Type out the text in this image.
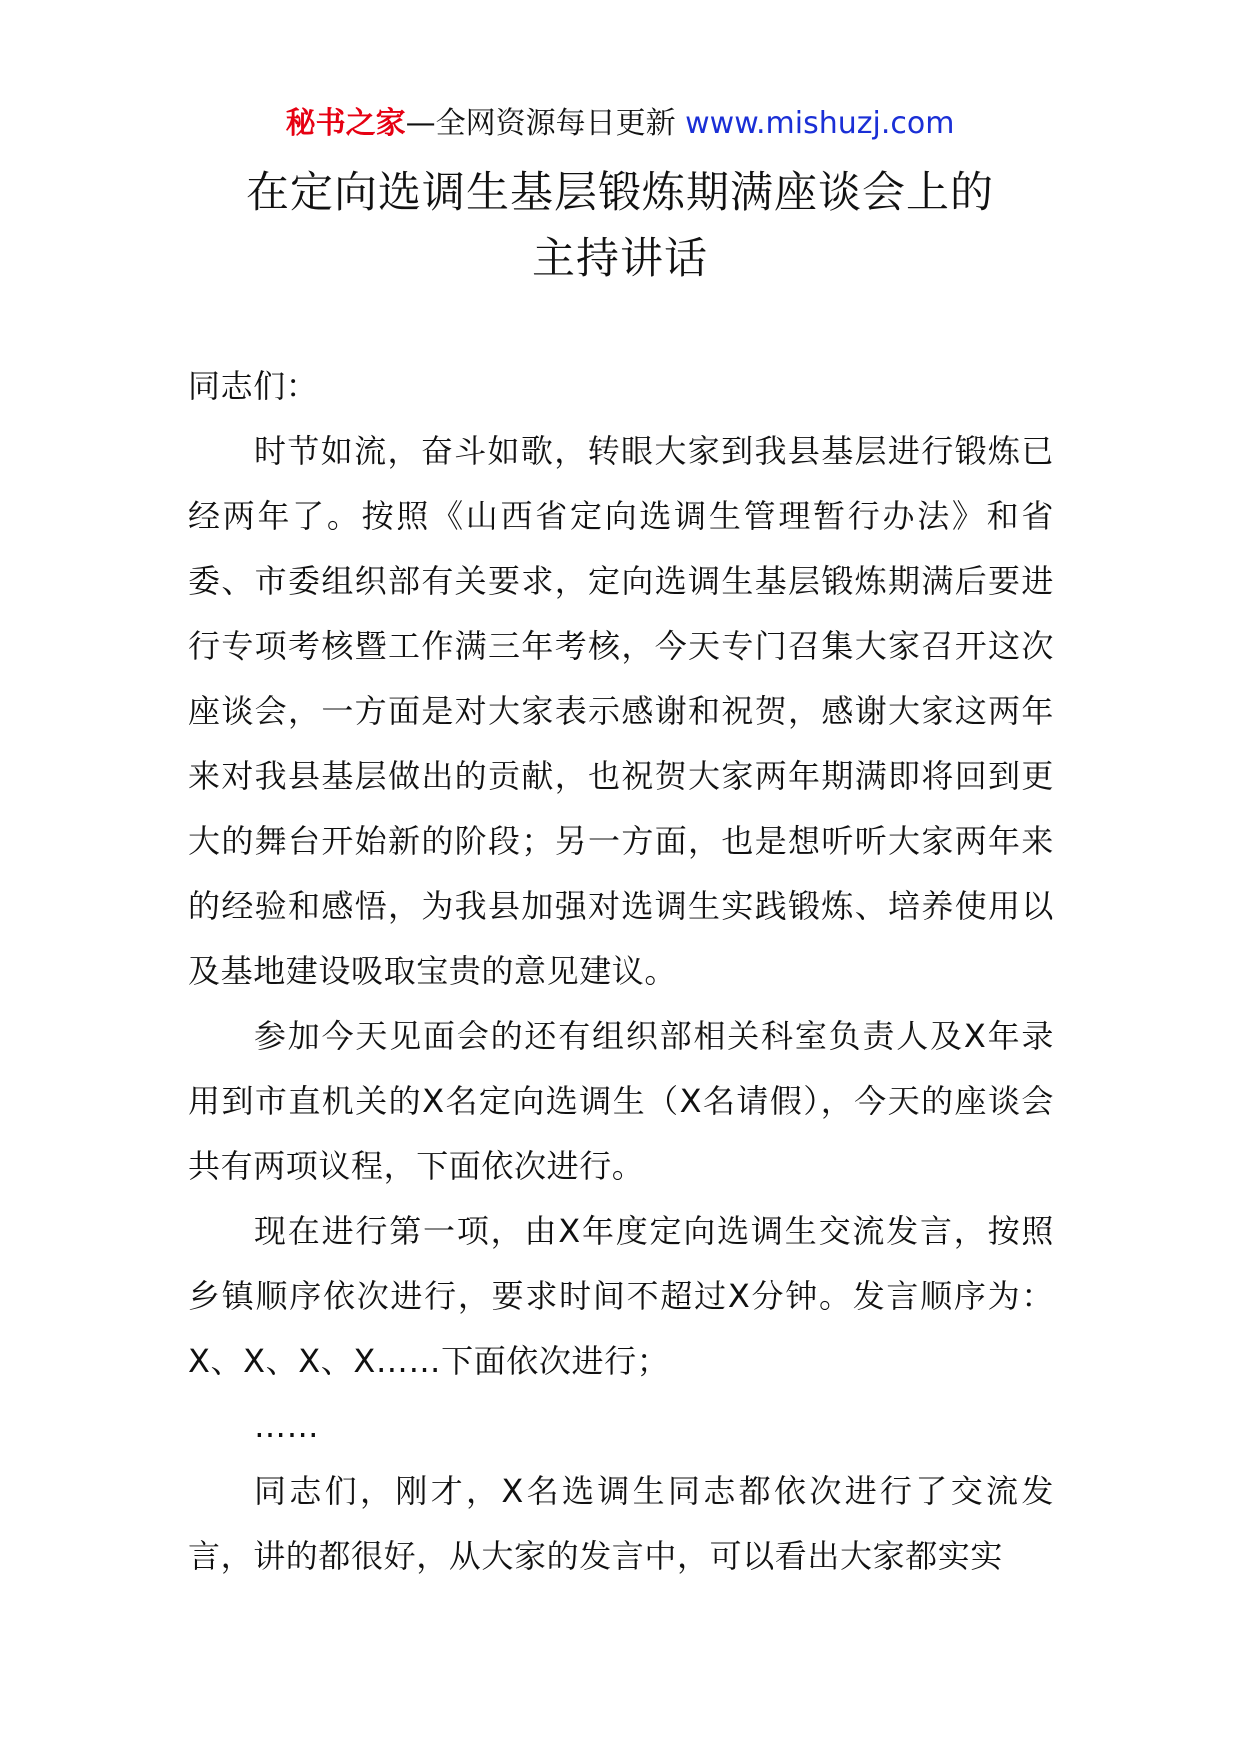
秘书之家—全网资源每日更新 www.mishuzj.com
在定向选调生基层锻炼期满座谈会上的
主持讲话

同志们：

时节如流，奋斗如歌，转眼大家到我县基层进行锻炼已经两年了。按照《山西省定向选调生管理暂行办法》和省委、市委组织部有关要求，定向选调生基层锻炼期满后要进行专项考核暨工作满三年考核，今天专门召集大家召开这次座谈会，一方面是对大家表示感谢和祝贺，感谢大家这两年来对我县基层做出的贡献，也祝贺大家两年期满即将回到更大的舞台开始新的阶段；另一方面，也是想听听大家两年来的经验和感悟，为我县加强对选调生实践锻炼、培养使用以及基地建设吸取宝贵的意见建议。

参加今天见面会的还有组织部相关科室负责人及X年录用到市直机关的X名定向选调生（X名请假），今天的座谈会共有两项议程，下面依次进行。

现在进行第一项，由X年度定向选调生交流发言，按照乡镇顺序依次进行，要求时间不超过X分钟。发言顺序为：X、X、X、X……下面依次进行；

……

同志们，刚才，X名选调生同志都依次进行了交流发言，讲的都很好，从大家的发言中，可以看出大家都实实
